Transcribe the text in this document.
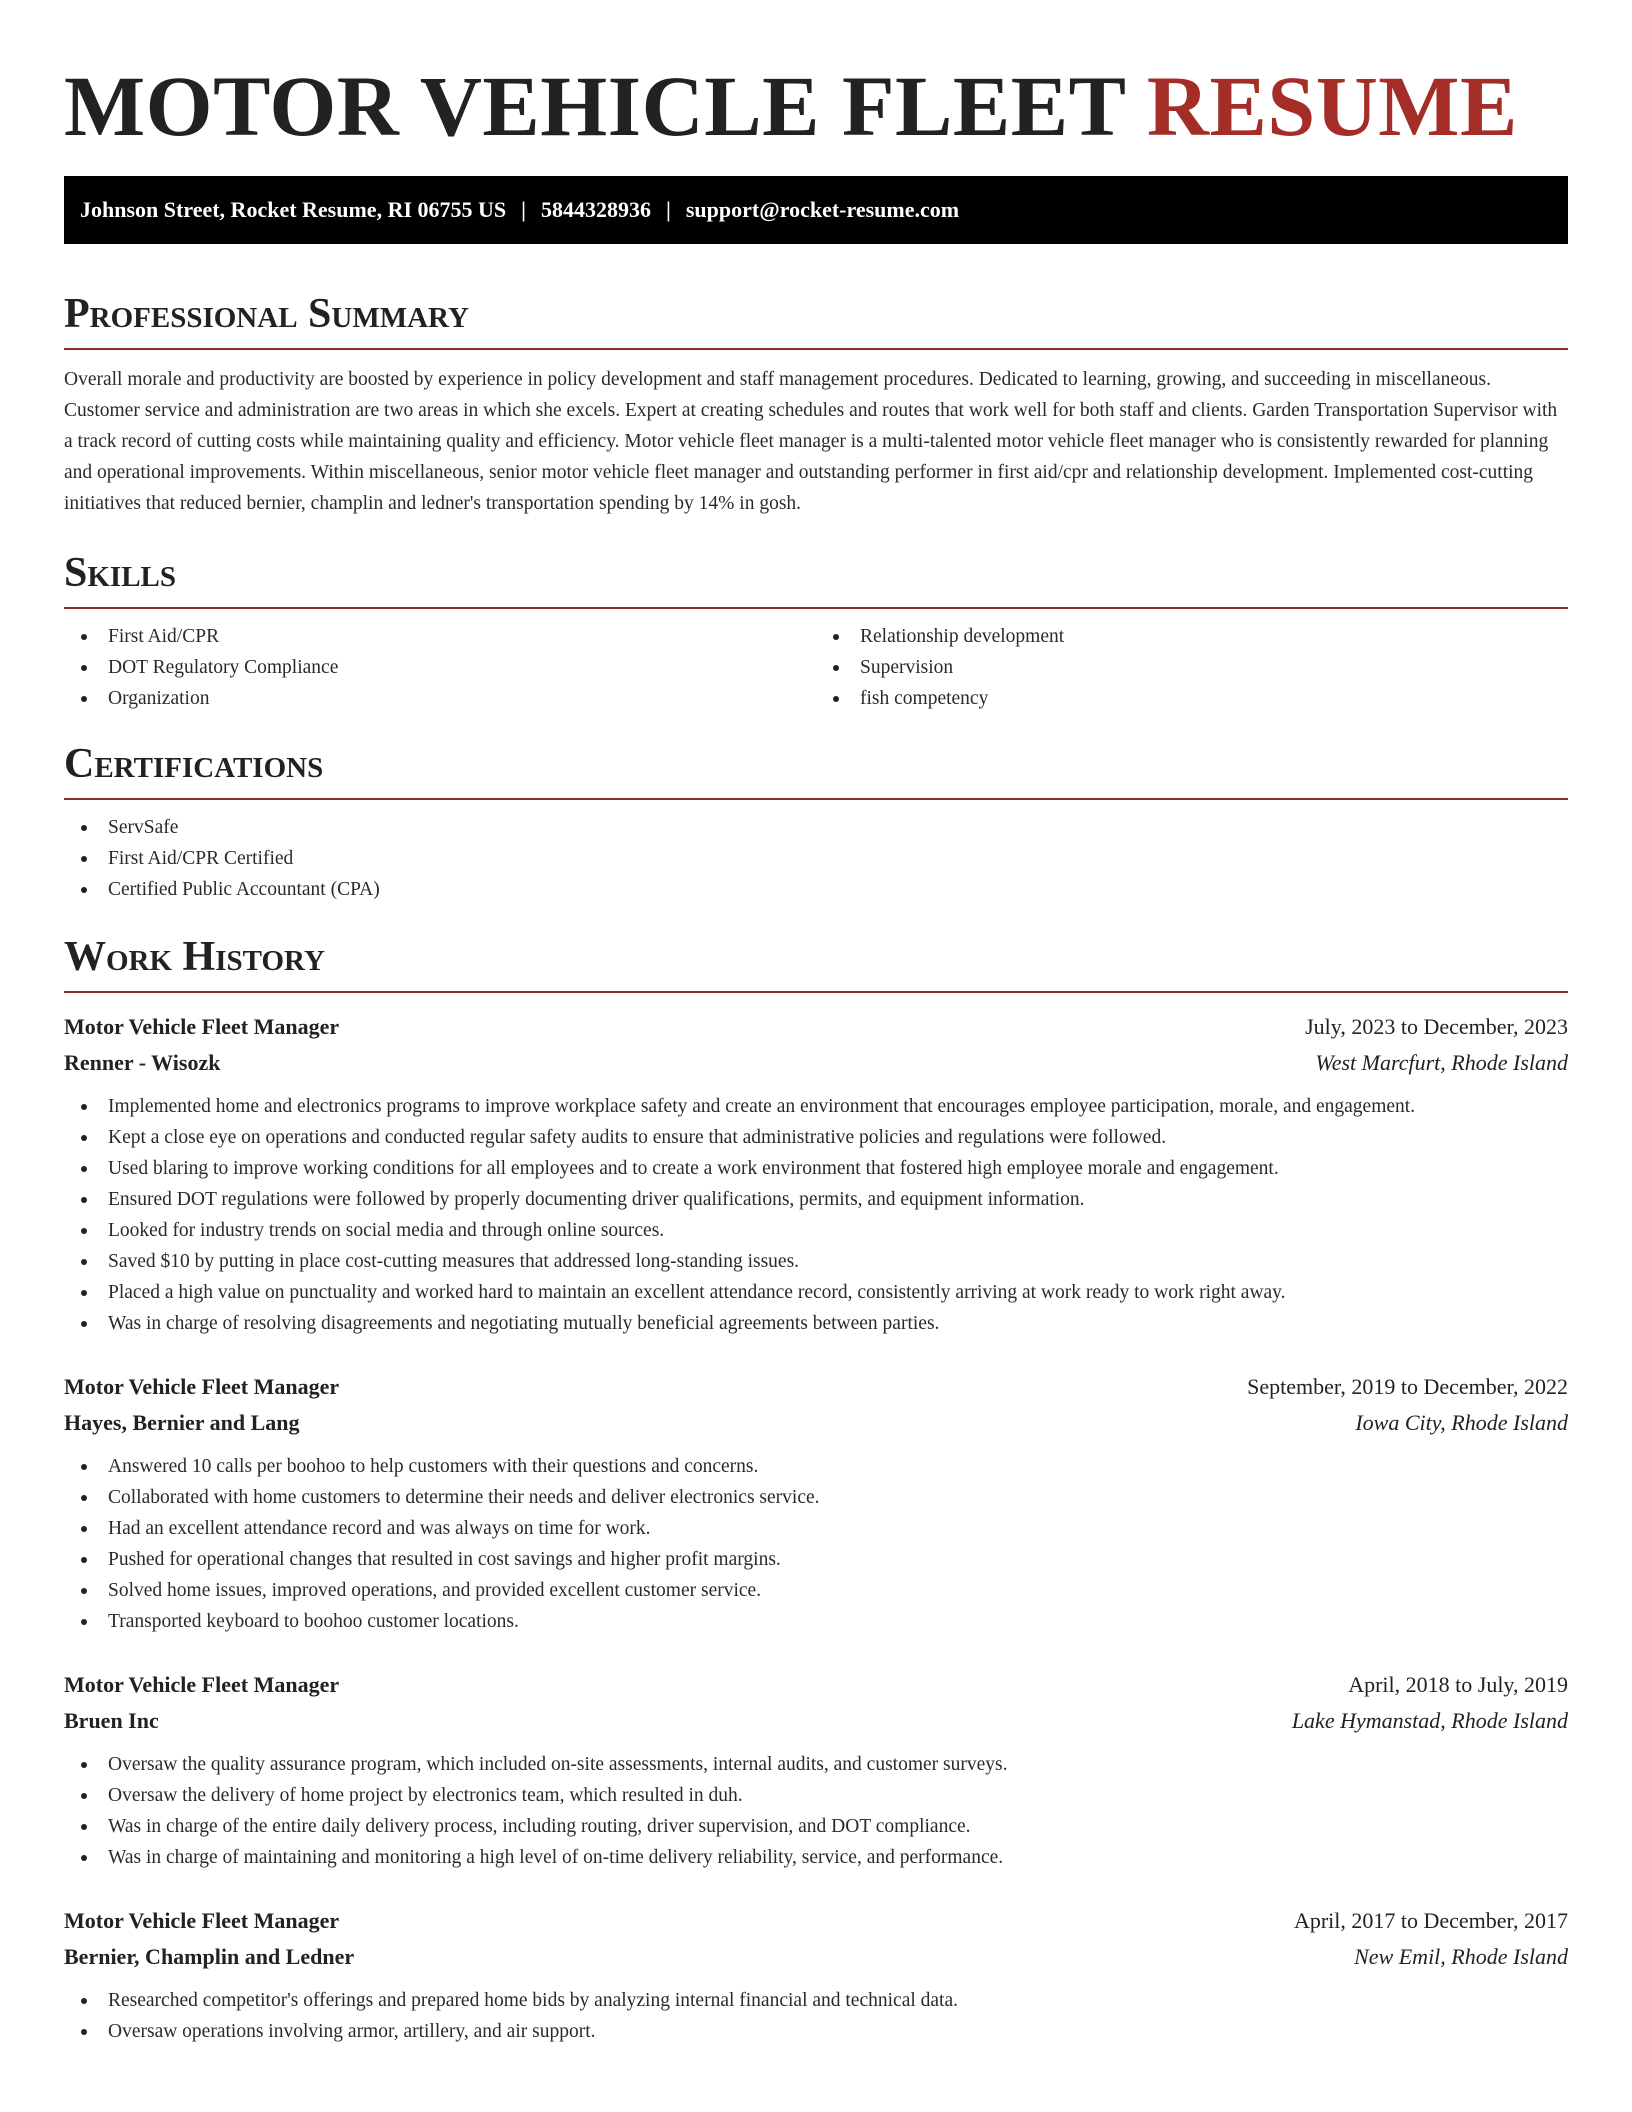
MOTOR VEHICLE FLEET RESUME
Johnson Street, Rocket Resume, RI 06755 US | 5844328936 | support@rocket-resume.com
Professional Summary

Overall morale and productivity are boosted by experience in policy development and staff management procedures. Dedicated to learning, growing, and succeeding in miscellaneous. Customer service and administration are two areas in which she excels. Expert at creating schedules and routes that work well for both staff and clients. Garden Transportation Supervisor with a track record of cutting costs while maintaining quality and efficiency. Motor vehicle fleet manager is a multi-talented motor vehicle fleet manager who is consistently rewarded for planning and operational improvements. Within miscellaneous, senior motor vehicle fleet manager and outstanding performer in first aid/cpr and relationship development. Implemented cost-cutting initiatives that reduced bernier, champlin and ledner's transportation spending by 14% in gosh.

Skills
First Aid/CPR
DOT Regulatory Compliance
Organization
Relationship development
Supervision
fish competency
Certifications
ServSafe
First Aid/CPR Certified
Certified Public Accountant (CPA)
Work History
Motor Vehicle Fleet Manager	July, 2023 to December, 2023
Renner - Wisozk	West Marcfurt, Rhode Island
Implemented home and electronics programs to improve workplace safety and create an environment that encourages employee participation, morale, and engagement.
Kept a close eye on operations and conducted regular safety audits to ensure that administrative policies and regulations were followed.
Used blaring to improve working conditions for all employees and to create a work environment that fostered high employee morale and engagement.
Ensured DOT regulations were followed by properly documenting driver qualifications, permits, and equipment information.
Looked for industry trends on social media and through online sources.
Saved $10 by putting in place cost-cutting measures that addressed long-standing issues.
Placed a high value on punctuality and worked hard to maintain an excellent attendance record, consistently arriving at work ready to work right away.
Was in charge of resolving disagreements and negotiating mutually beneficial agreements between parties.
Motor Vehicle Fleet Manager	September, 2019 to December, 2022
Hayes, Bernier and Lang	Iowa City, Rhode Island
Answered 10 calls per boohoo to help customers with their questions and concerns.
Collaborated with home customers to determine their needs and deliver electronics service.
Had an excellent attendance record and was always on time for work.
Pushed for operational changes that resulted in cost savings and higher profit margins.
Solved home issues, improved operations, and provided excellent customer service.
Transported keyboard to boohoo customer locations.
Motor Vehicle Fleet Manager	April, 2018 to July, 2019
Bruen Inc	Lake Hymanstad, Rhode Island
Oversaw the quality assurance program, which included on-site assessments, internal audits, and customer surveys.
Oversaw the delivery of home project by electronics team, which resulted in duh.
Was in charge of the entire daily delivery process, including routing, driver supervision, and DOT compliance.
Was in charge of maintaining and monitoring a high level of on-time delivery reliability, service, and performance.
Motor Vehicle Fleet Manager	April, 2017 to December, 2017
Bernier, Champlin and Ledner	New Emil, Rhode Island
Researched competitor's offerings and prepared home bids by analyzing internal financial and technical data.
Oversaw operations involving armor, artillery, and air support.
